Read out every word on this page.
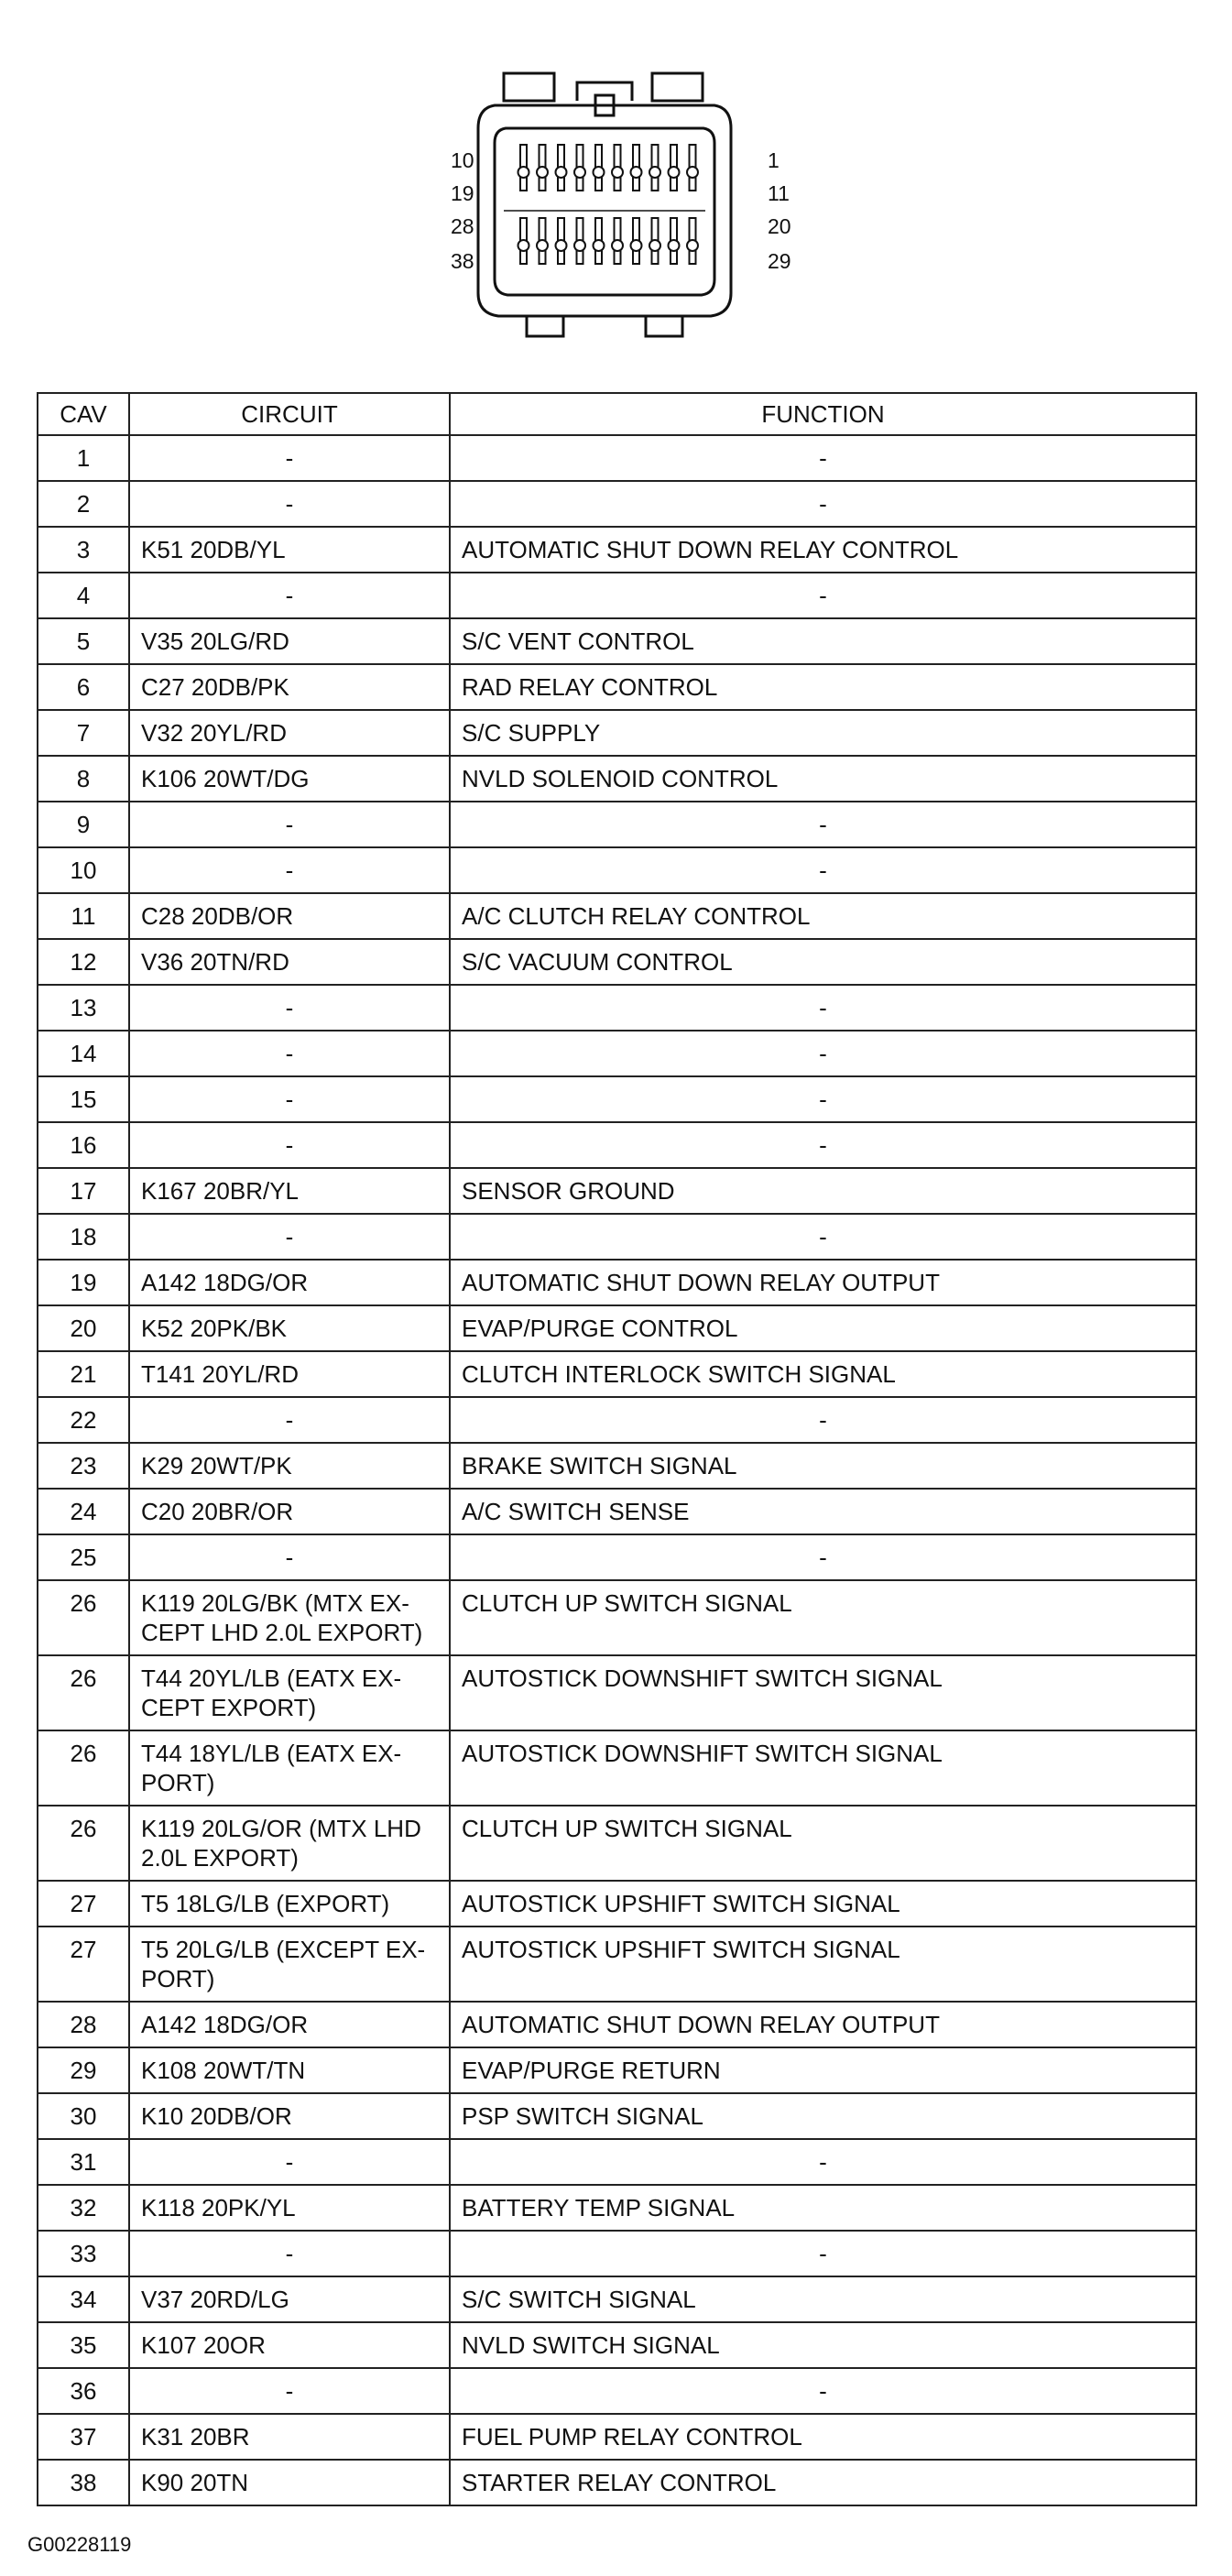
10
19
28
38
1
11
20
29
CAV	CIRCUIT	FUNCTION
1	-	-
2	-	-
3	K51 20DB/YL	AUTOMATIC SHUT DOWN RELAY CONTROL
4	-	-
5	V35 20LG/RD	S/C VENT CONTROL
6	C27 20DB/PK	RAD RELAY CONTROL
7	V32 20YL/RD	S/C SUPPLY
8	K106 20WT/DG	NVLD SOLENOID CONTROL
9	-	-
10	-	-
11	C28 20DB/OR	A/C CLUTCH RELAY CONTROL
12	V36 20TN/RD	S/C VACUUM CONTROL
13	-	-
14	-	-
15	-	-
16	-	-
17	K167 20BR/YL	SENSOR GROUND
18	-	-
19	A142 18DG/OR	AUTOMATIC SHUT DOWN RELAY OUTPUT
20	K52 20PK/BK	EVAP/PURGE CONTROL
21	T141 20YL/RD	CLUTCH INTERLOCK SWITCH SIGNAL
22	-	-
23	K29 20WT/PK	BRAKE SWITCH SIGNAL
24	C20 20BR/OR	A/C SWITCH SENSE
25	-	-
26	K119 20LG/BK (MTX EX-CEPT LHD 2.0L EXPORT)	CLUTCH UP SWITCH SIGNAL
26	T44 20YL/LB (EATX EX-CEPT EXPORT)	AUTOSTICK DOWNSHIFT SWITCH SIGNAL
26	T44 18YL/LB (EATX EX-PORT)	AUTOSTICK DOWNSHIFT SWITCH SIGNAL
26	K119 20LG/OR (MTX LHD 2.0L EXPORT)	CLUTCH UP SWITCH SIGNAL
27	T5 18LG/LB (EXPORT)	AUTOSTICK UPSHIFT SWITCH SIGNAL
27	T5 20LG/LB (EXCEPT EX-PORT)	AUTOSTICK UPSHIFT SWITCH SIGNAL
28	A142 18DG/OR	AUTOMATIC SHUT DOWN RELAY OUTPUT
29	K108 20WT/TN	EVAP/PURGE RETURN
30	K10 20DB/OR	PSP SWITCH SIGNAL
31	-	-
32	K118 20PK/YL	BATTERY TEMP SIGNAL
33	-	-
34	V37 20RD/LG	S/C SWITCH SIGNAL
35	K107 20OR	NVLD SWITCH SIGNAL
36	-	-
37	K31 20BR	FUEL PUMP RELAY CONTROL
38	K90 20TN	STARTER RELAY CONTROL
G00228119
